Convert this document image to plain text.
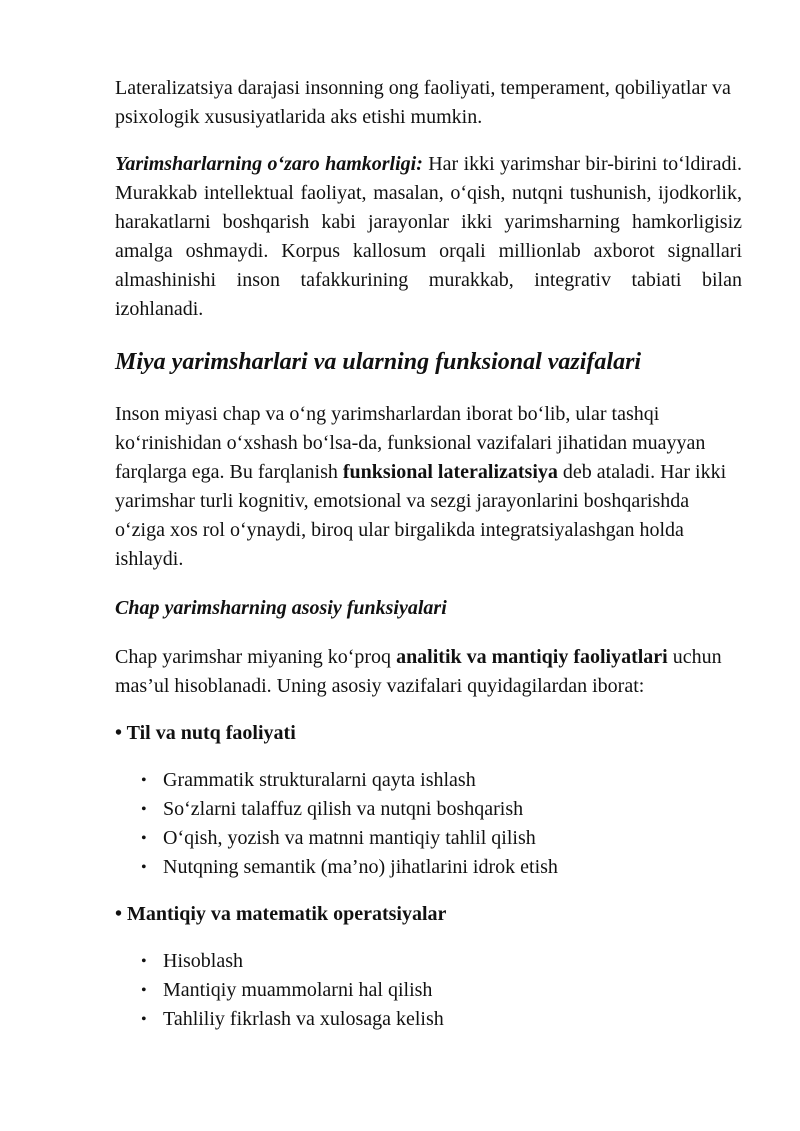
Lateralizatsiya darajasi insonning ong faoliyati, temperament, qobiliyatlar va psixologik xususiyatlarida aks etishi mumkin.

Yarimsharlarning o‘zaro hamkorligi: Har ikki yarimshar bir-birini to‘ldiradi. Murakkab intellektual faoliyat, masalan, o‘qish, nutqni tushunish, ijodkorlik, harakatlarni boshqarish kabi jarayonlar ikki yarimsharning hamkorligisiz amalga oshmaydi. Korpus kallosum orqali millionlab axborot signallari almashinishi inson tafakkurining murakkab, integrativ tabiati bilan izohlanadi.

Miya yarimsharlari va ularning funksional vazifalari

Inson miyasi chap va o‘ng yarimsharlardan iborat bo‘lib, ular tashqi ko‘rinishidan o‘xshash bo‘lsa-da, funksional vazifalari jihatidan muayyan farqlarga ega. Bu farqlanish funksional lateralizatsiya deb ataladi. Har ikki yarimshar turli kognitiv, emotsional va sezgi jarayonlarini boshqarishda o‘ziga xos rol o‘ynaydi, biroq ular birgalikda integratsiyalashgan holda ishlaydi.

Chap yarimsharning asosiy funksiyalari

Chap yarimshar miyaning ko‘proq analitik va mantiqiy faoliyatlari uchun mas’ul hisoblanadi. Uning asosiy vazifalari quyidagilardan iborat:

• Til va nutq faoliyati
• Grammatik strukturalarni qayta ishlash
• So‘zlarni talaffuz qilish va nutqni boshqarish
• O‘qish, yozish va matnni mantiqiy tahlil qilish
• Nutqning semantik (ma’no) jihatlarini idrok etish
• Mantiqiy va matematik operatsiyalar
• Hisoblash
• Mantiqiy muammolarni hal qilish
• Tahliliy fikrlash va xulosaga kelish
